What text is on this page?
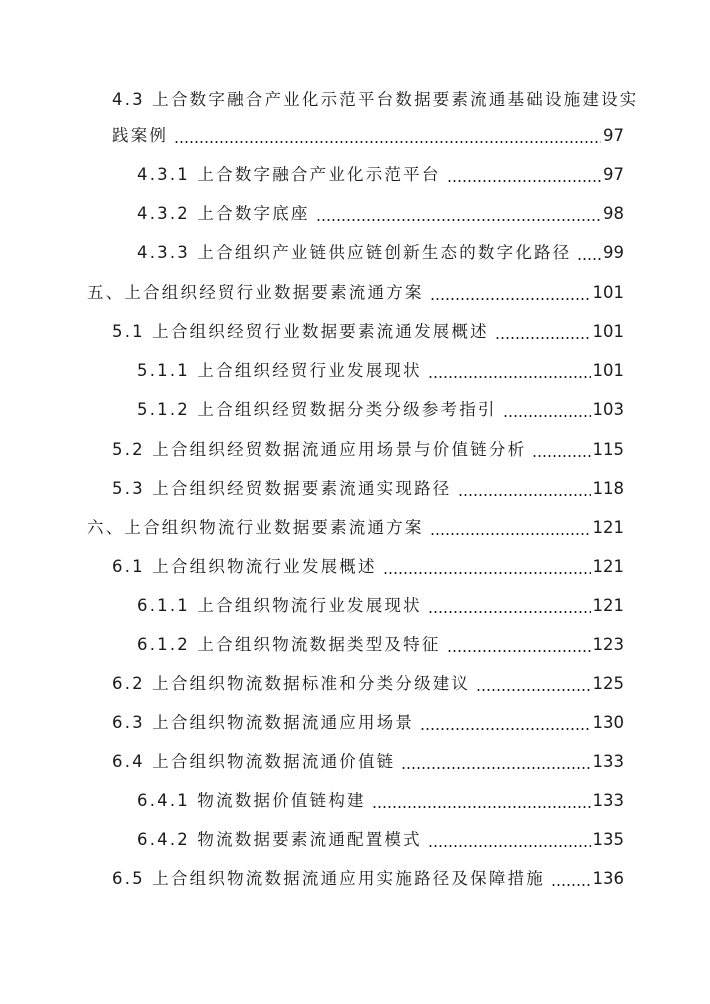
4.3 上合数字融合产业化示范平台数据要素流通基础设施建设实
践案例	97
4.3.1 上合数字融合产业化示范平台	97
4.3.2 上合数字底座	98
4.3.3 上合组织产业链供应链创新生态的数字化路径 99
五、上合组织经贸行业数据要素流通方案	101
5.1 上合组织经贸行业数据要素流通发展概述	101
5.1.1 上合组织经贸行业发展现状	101
5.1.2 上合组织经贸数据分类分级参考指引	103
5.2 上合组织经贸数据流通应用场景与价值链分析	115
5.3 上合组织经贸数据要素流通实现路径	118
六、上合组织物流行业数据要素流通方案	121
6.1 上合组织物流行业发展概述	121
6.1.1 上合组织物流行业发展现状	121
6.1.2 上合组织物流数据类型及特征	123
6.2 上合组织物流数据标准和分类分级建议	125
6.3 上合组织物流数据流通应用场景	130
6.4 上合组织物流数据流通价值链	133
6.4.1 物流数据价值链构建	133
6.4.2 物流数据要素流通配置模式	135
6.5 上合组织物流数据流通应用实施路径及保障措施	136
